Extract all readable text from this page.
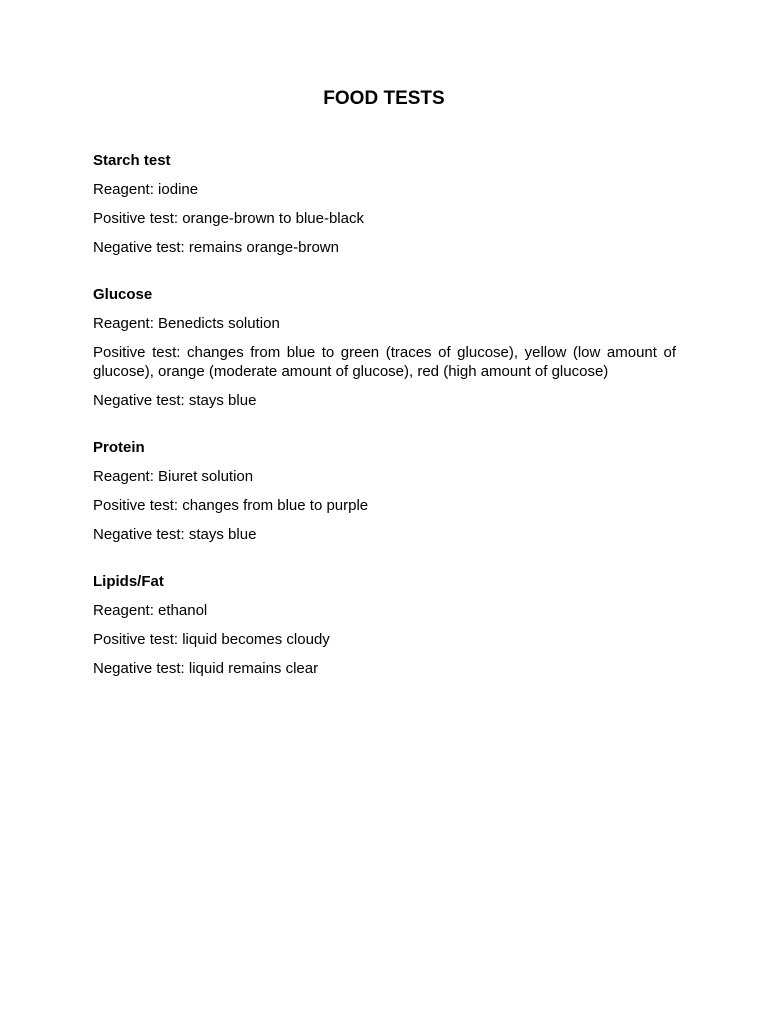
FOOD TESTS
Starch test
Reagent: iodine
Positive test: orange-brown to blue-black
Negative test: remains orange-brown
Glucose
Reagent: Benedicts solution
Positive test: changes from blue to green (traces of glucose), yellow (low amount of glucose), orange (moderate amount of glucose), red (high amount of glucose)
Negative test: stays blue
Protein
Reagent: Biuret solution
Positive test: changes from blue to purple
Negative test: stays blue
Lipids/Fat
Reagent: ethanol
Positive test: liquid becomes cloudy
Negative test: liquid remains clear
